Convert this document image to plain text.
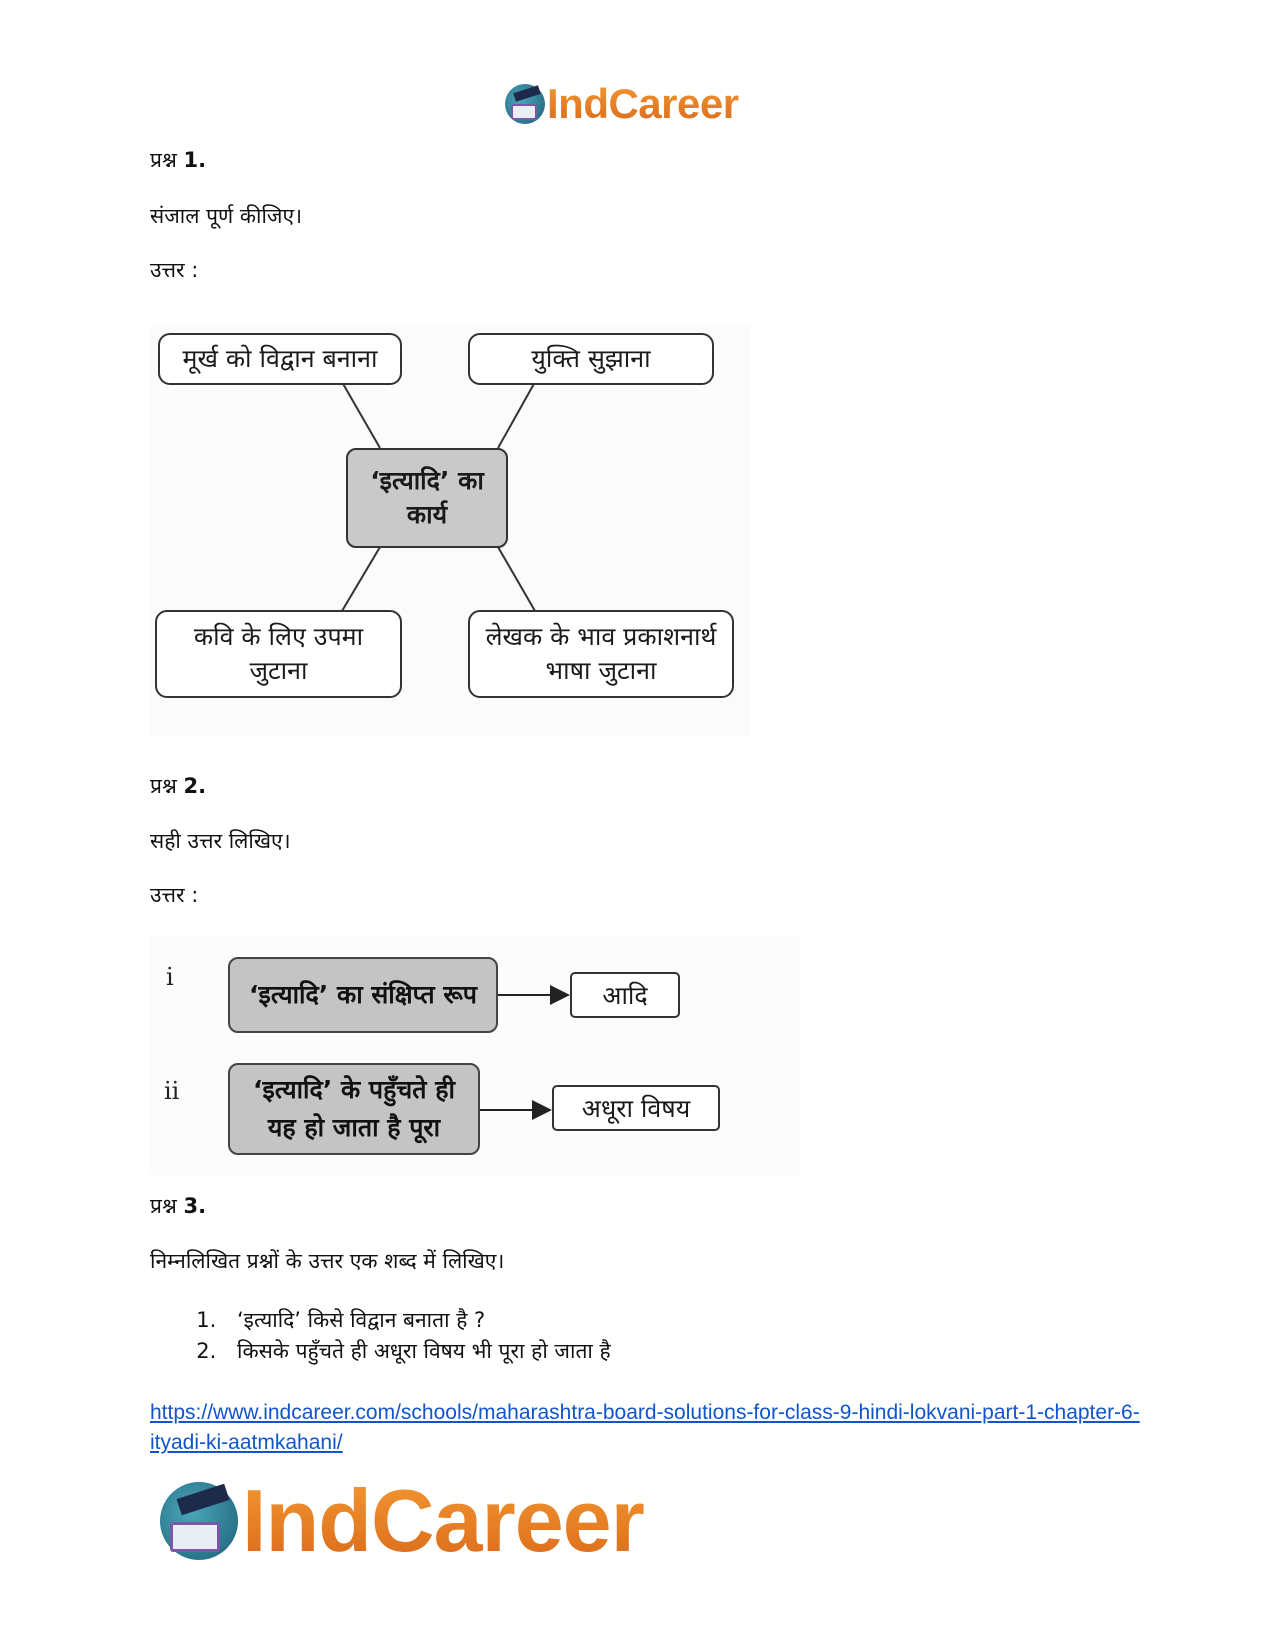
IndCareer
प्रश्न 1.
संजाल पूर्ण कीजिए।
उत्तर :
मूर्ख को विद्वान बनाना	युक्ति सुझाना
‘इत्यादि’ का कार्य
कवि के लिए उपमा जुटाना
लेखक के भाव प्रकाशनार्थ भाषा जुटाना
प्रश्न 2.
सही उत्तर लिखिए।
उत्तर :
i
‘इत्यादि’ का संक्षिप्त रूप	आदि
ii	‘इत्यादि’ के पहुँचते ही यह हो जाता है पूरा
अधूरा विषय
प्रश्न 3.
निम्नलिखित प्रश्नों के उत्तर एक शब्द में लिखिए।
1. ‘इत्यादि’ किसे विद्वान बनाता है ?
2. किसके पहुँचते ही अधूरा विषय भी पूरा हो जाता है
https://www.indcareer.com/schools/maharashtra-board-solutions-for-class-9-hindi-lokvani-part-1-chapter-6-ityadi-ki-aatmkahani/
IndCareer
